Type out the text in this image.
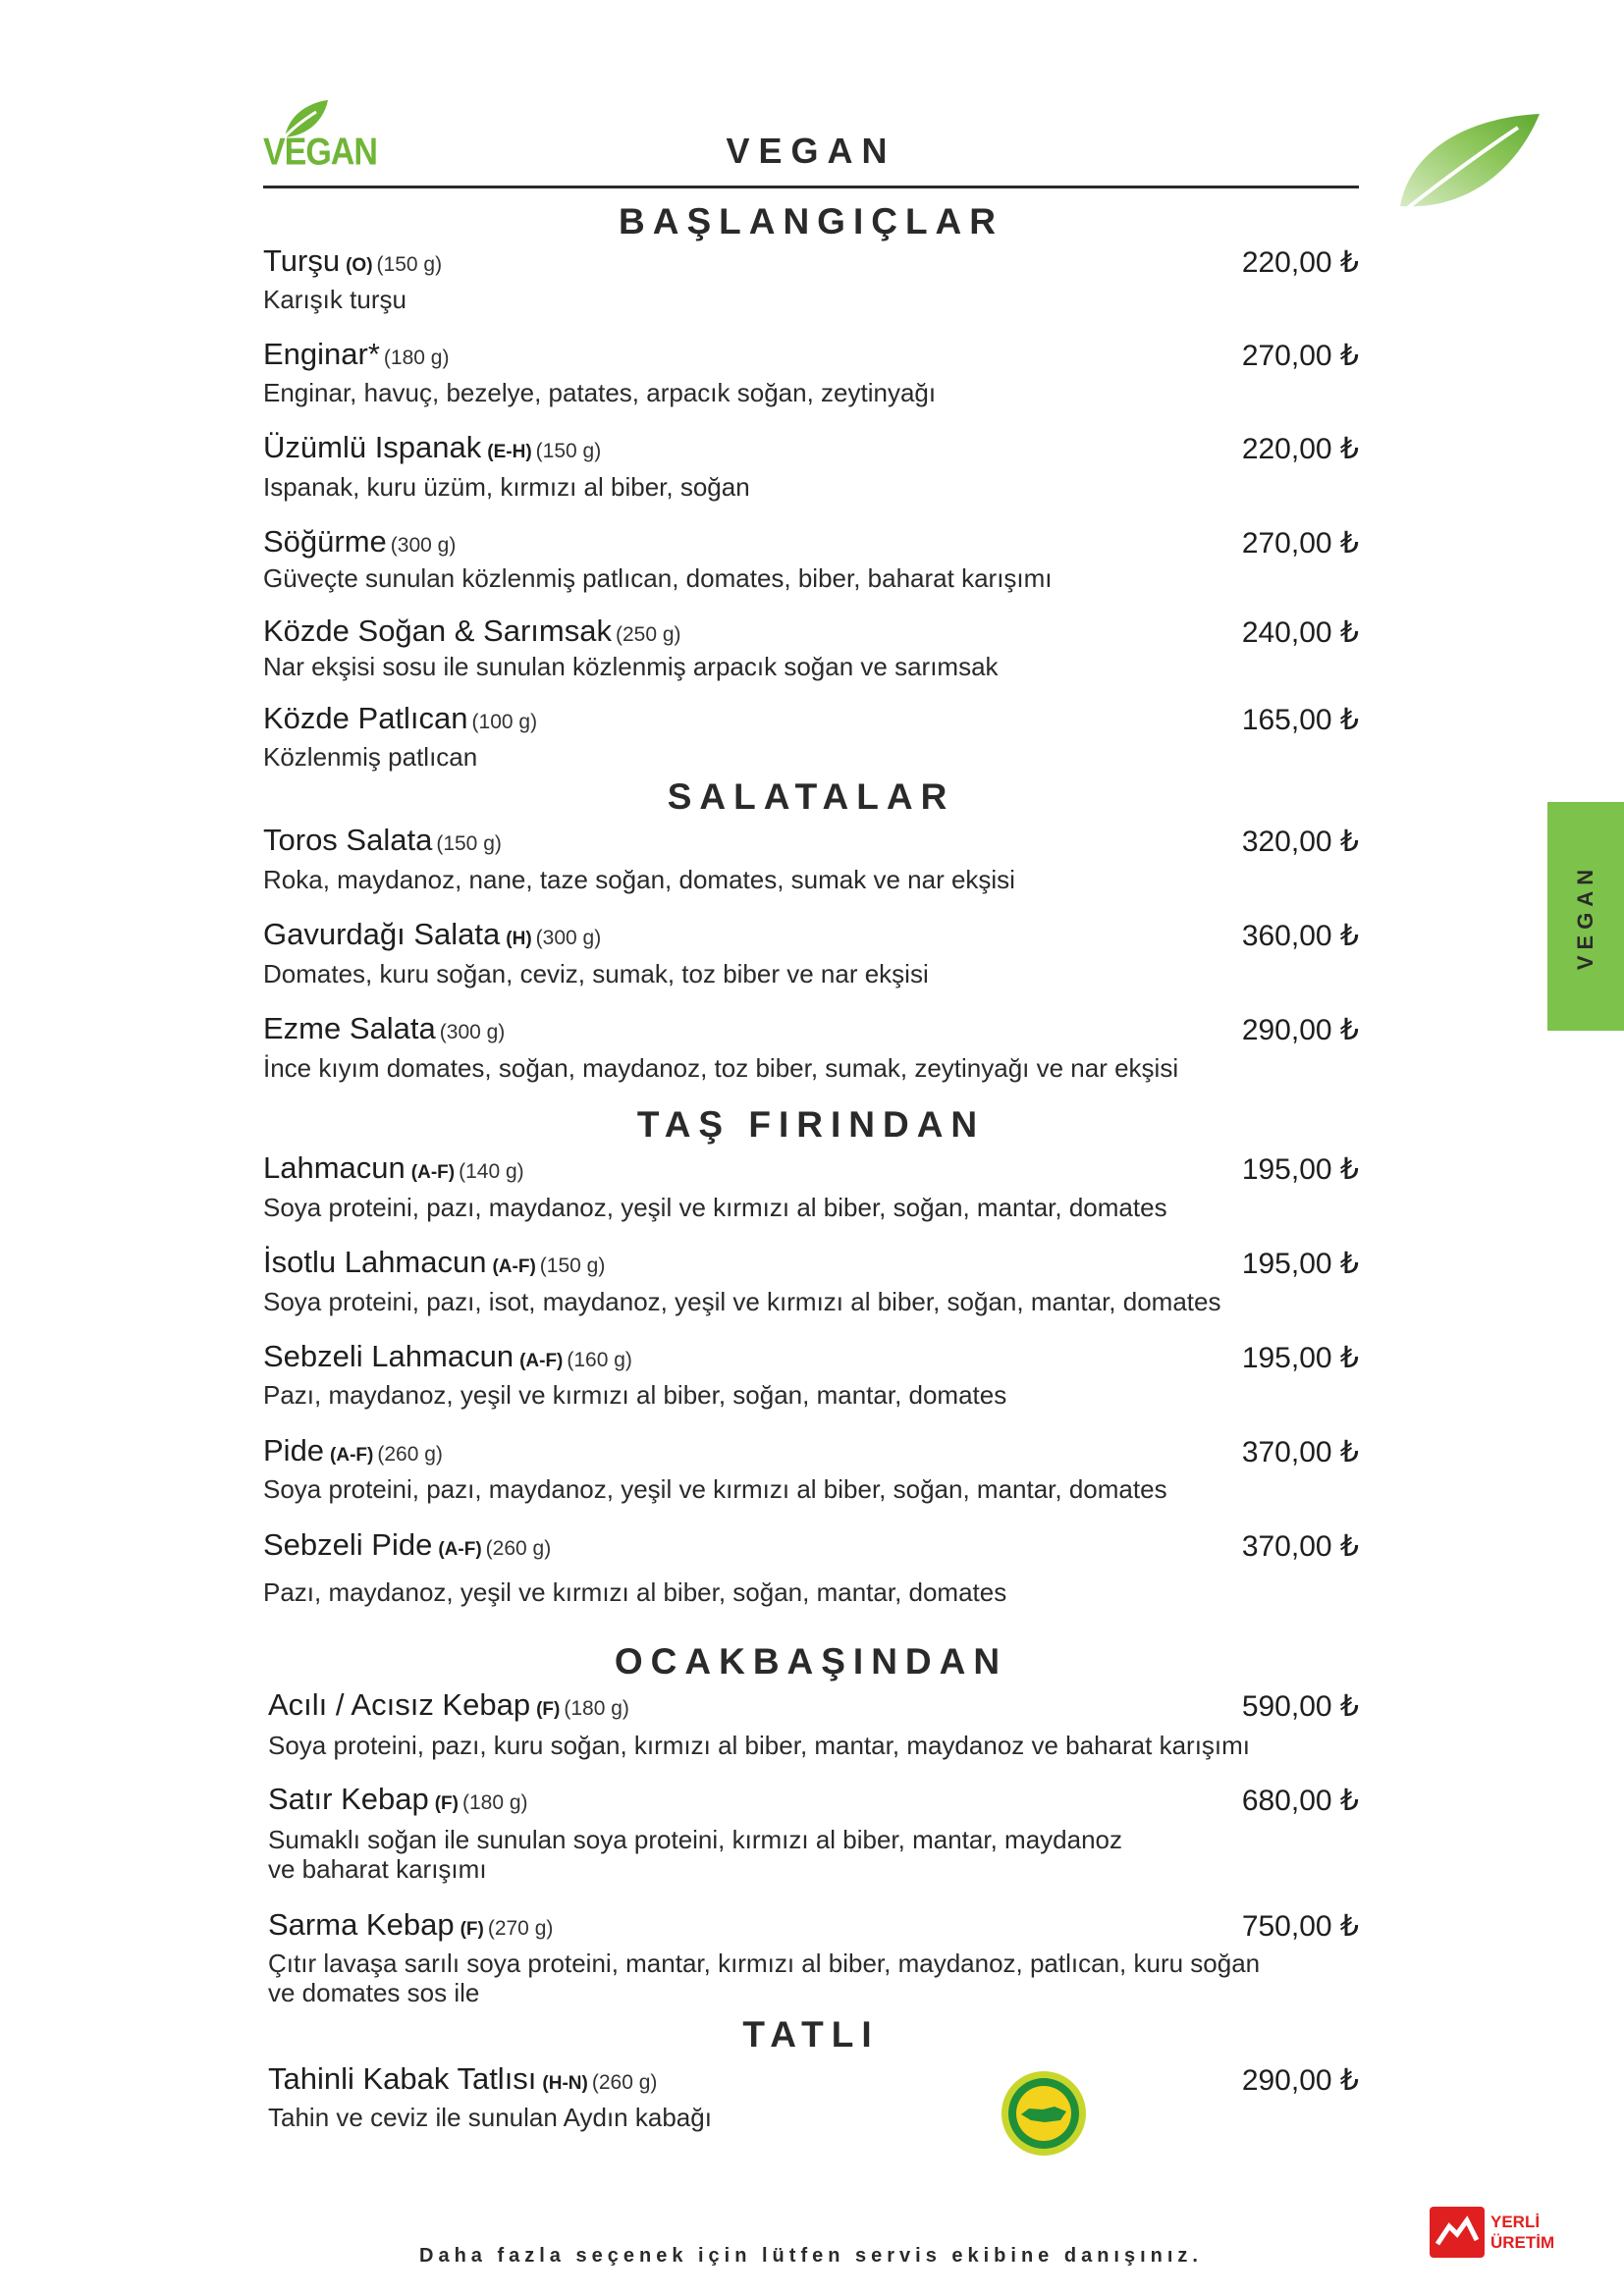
VEGAN	VEGAN
VEGAN
BAŞLANGIÇLAR
Turşu (O) (150 g)	220,00 ₺
Karışık turşu
Enginar* (180 g)	270,00 ₺
Enginar, havuç, bezelye, patates, arpacık soğan, zeytinyağı
Üzümlü Ispanak (E-H) (150 g)	220,00 ₺
Ispanak, kuru üzüm, kırmızı al biber, soğan
Söğürme (300 g)	270,00 ₺
Güveçte sunulan közlenmiş patlıcan, domates, biber, baharat karışımı
Közde Soğan & Sarımsak (250 g)	240,00 ₺
Nar ekşisi sosu ile sunulan közlenmiş arpacık soğan ve sarımsak
Közde Patlıcan (100 g)	165,00 ₺
Közlenmiş patlıcan
SALATALAR
Toros Salata (150 g)	320,00 ₺
Roka, maydanoz, nane, taze soğan, domates, sumak ve nar ekşisi
Gavurdağı Salata (H) (300 g)	360,00 ₺
Domates, kuru soğan, ceviz, sumak, toz biber ve nar ekşisi
Ezme Salata (300 g)	290,00 ₺
İnce kıyım domates, soğan, maydanoz, toz biber, sumak, zeytinyağı ve nar ekşisi
TAŞ FIRINDAN
Lahmacun (A-F) (140 g)	195,00 ₺
Soya proteini, pazı, maydanoz, yeşil ve kırmızı al biber, soğan, mantar, domates
İsotlu Lahmacun (A-F) (150 g)	195,00 ₺
Soya proteini, pazı, isot, maydanoz, yeşil ve kırmızı al biber, soğan, mantar, domates
Sebzeli Lahmacun (A-F) (160 g)	195,00 ₺
Pazı, maydanoz, yeşil ve kırmızı al biber, soğan, mantar, domates
Pide (A-F) (260 g)	370,00 ₺
Soya proteini, pazı, maydanoz, yeşil ve kırmızı al biber, soğan, mantar, domates
Sebzeli Pide (A-F) (260 g)	370,00 ₺
Pazı, maydanoz, yeşil ve kırmızı al biber, soğan, mantar, domates
OCAKBAŞINDAN
Acılı / Acısız Kebap (F) (180 g)	590,00 ₺
Soya proteini, pazı, kuru soğan, kırmızı al biber, mantar, maydanoz ve baharat karışımı
Satır Kebap (F) (180 g)	680,00 ₺
Sumaklı soğan ile sunulan soya proteini, kırmızı al biber, mantar, maydanoz
ve baharat karışımı
Sarma Kebap (F) (270 g)	750,00 ₺
Çıtır lavaşa sarılı soya proteini, mantar, kırmızı al biber, maydanoz, patlıcan, kuru soğan
ve domates sos ile
TATLI
Tahinli Kabak Tatlısı (H-N) (260 g)	290,00 ₺
Tahin ve ceviz ile sunulan Aydın kabağı
Daha fazla seçenek için lütfen servis ekibine danışınız.
YERLİ
ÜRETİM
